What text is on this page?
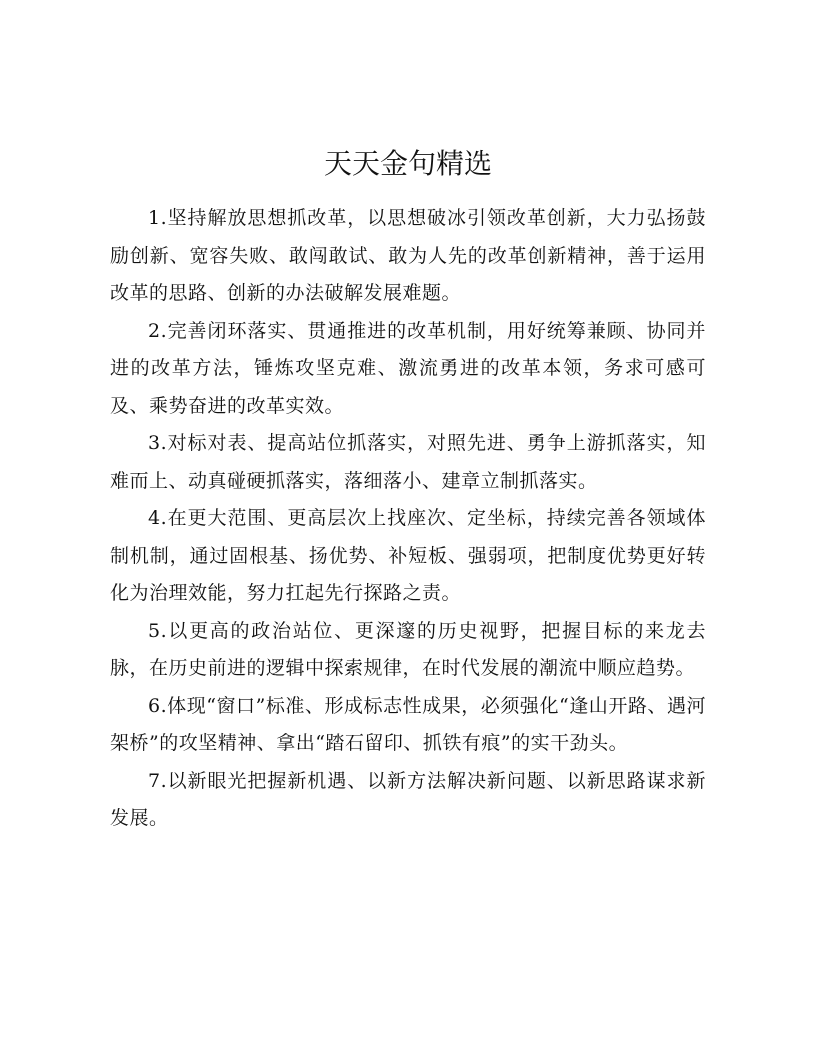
天天金句精选

1.坚持解放思想抓改革，以思想破冰引领改革创新，大力弘扬鼓励创新、宽容失败、敢闯敢试、敢为人先的改革创新精神，善于运用改革的思路、创新的办法破解发展难题。

2.完善闭环落实、贯通推进的改革机制，用好统筹兼顾、协同并进的改革方法，锤炼攻坚克难、激流勇进的改革本领，务求可感可及、乘势奋进的改革实效。

3.对标对表、提高站位抓落实，对照先进、勇争上游抓落实，知难而上、动真碰硬抓落实，落细落小、建章立制抓落实。

4.在更大范围、更高层次上找座次、定坐标，持续完善各领域体制机制，通过固根基、扬优势、补短板、强弱项，把制度优势更好转化为治理效能，努力扛起先行探路之责。

5.以更高的政治站位、更深邃的历史视野，把握目标的来龙去脉，在历史前进的逻辑中探索规律，在时代发展的潮流中顺应趋势。

6.体现“窗口”标准、形成标志性成果，必须强化“逢山开路、遇河架桥”的攻坚精神、拿出“踏石留印、抓铁有痕”的实干劲头。

7.以新眼光把握新机遇、以新方法解决新问题、以新思路谋求新发展。
